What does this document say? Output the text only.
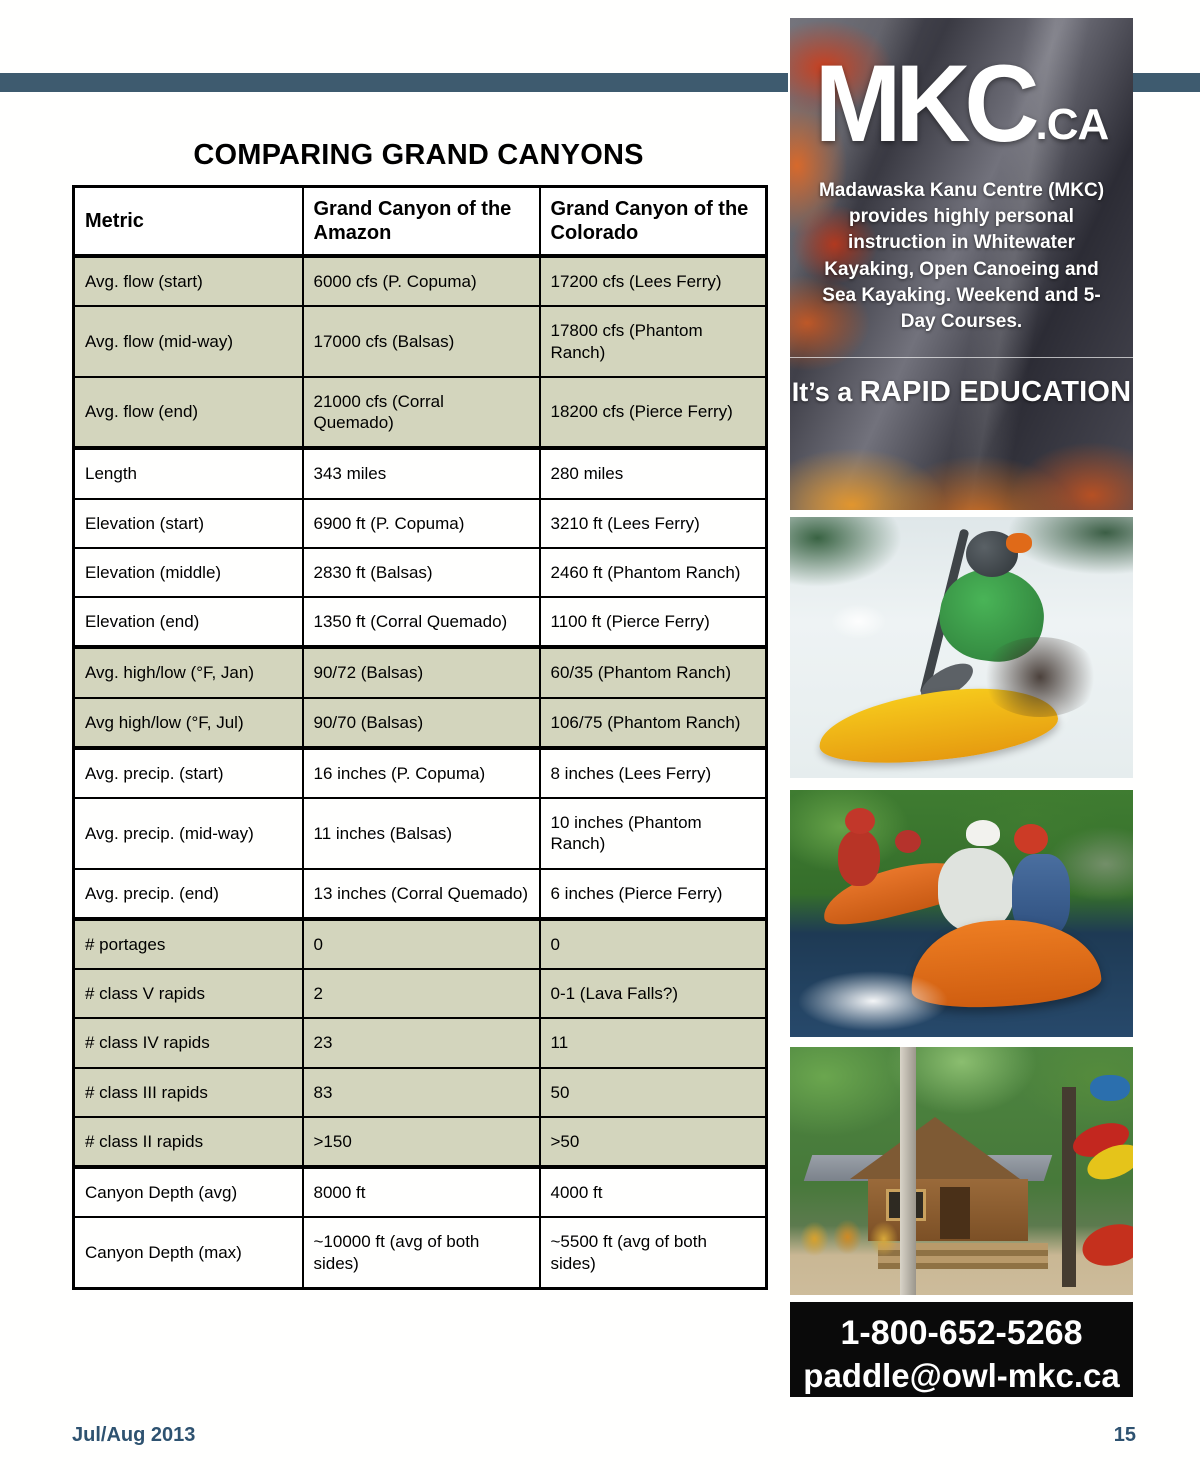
COMPARING GRAND CANYONS
Metric	Grand Canyon of the Amazon	Grand Canyon of the Colorado
Avg. flow (start)	6000 cfs (P. Copuma)	17200 cfs (Lees Ferry)
Avg. flow (mid-way)	17000 cfs (Balsas)	17800 cfs (Phantom Ranch)
Avg. flow (end)	21000 cfs (Corral Quemado)	18200 cfs (Pierce Ferry)
Length	343 miles	280 miles
Elevation (start)	6900 ft (P. Copuma)	3210 ft (Lees Ferry)
Elevation (middle)	2830 ft (Balsas)	2460 ft (Phantom Ranch)
Elevation (end)	1350 ft (Corral Quemado)	1100 ft (Pierce Ferry)
Avg. high/low (°F, Jan)	90/72 (Balsas)	60/35 (Phantom Ranch)
Avg high/low (°F, Jul)	90/70 (Balsas)	106/75 (Phantom Ranch)
Avg. precip. (start)	16 inches (P. Copuma)	8 inches (Lees Ferry)
Avg. precip. (mid-way)	11 inches (Balsas)	10 inches (Phantom Ranch)
Avg. precip. (end)	13 inches (Corral Quemado)	6 inches (Pierce Ferry)
# portages	0	0
# class V rapids	2	0-1 (Lava Falls?)
# class IV rapids	23	11
# class III rapids	83	50
# class II rapids	>150	>50
Canyon Depth (avg)	8000 ft	4000 ft
Canyon Depth (max)	~10000 ft (avg of both sides)	~5500 ft (avg of both sides)
MKC.CA

Madawaska Kanu Centre (MKC) provides highly personal instruction in Whitewater Kayaking, Open Canoeing and Sea Kayaking. Weekend and 5-Day Courses.

It’s a RAPID EDUCATION
1-800-652-5268
paddle@owl-mkc.ca
Jul/Aug 2013	15
